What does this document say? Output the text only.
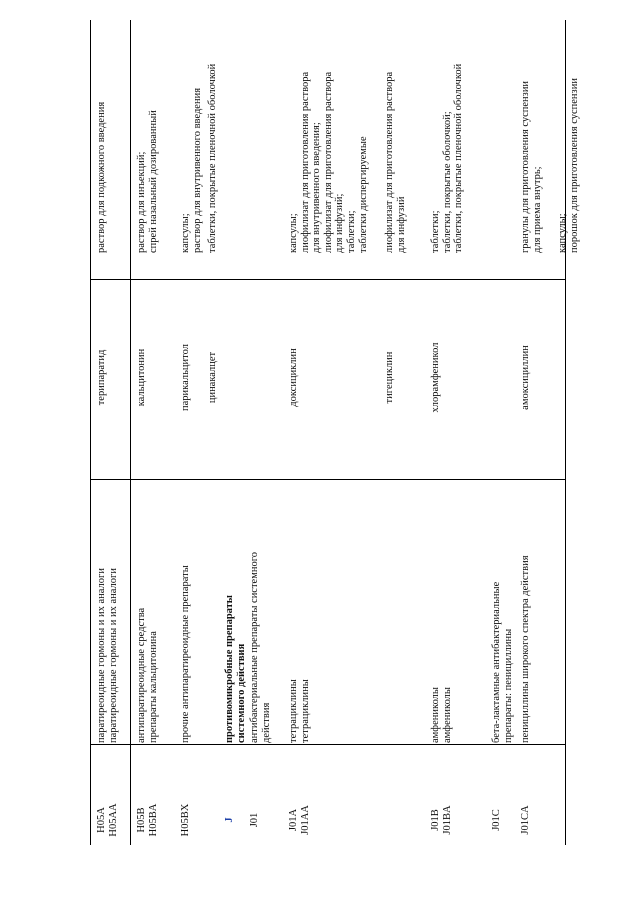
H05A
H05AA
паратиреоидные гормоны и их аналоги
паратиреоидные гормоны и их аналоги
терипаратид
раствор для подкожного введения
H05B
H05BA
антипаратиреоидные средства
препараты кальцитонина
кальцитонин
раствор для инъекций;
спрей назальный дозированный
H05BX
прочие антипаратиреоидные препараты
парикальцитол
капсулы;
раствор для внутривенного введения
цинакалцет
таблетки, покрытые пленочной оболочкой
J
противомикробные препараты
системного действия
J01
антибактериальные препараты системного
действия
J01A
J01AA
тетрациклины
тетрациклины
доксициклин
капсулы;
лиофилизат для приготовления раствора
для внутривенного введения;
лиофилизат для приготовления раствора
для инфузий;
таблетки;
таблетки диспергируемые
тигециклин
лиофилизат для приготовления раствора
для инфузий
J01B
J01BA
амфениколы
амфениколы
хлорамфеникол
таблетки;
таблетки, покрытые оболочкой;
таблетки, покрытые пленочной оболочкой
J01C
бета-лактамные антибактериальные
препараты: пенициллины
J01CA
пенициллины широкого спектра действия
амоксициллин
гранулы для приготовления суспензии
для приема внутрь;
капсулы;
порошок для приготовления суспензии
